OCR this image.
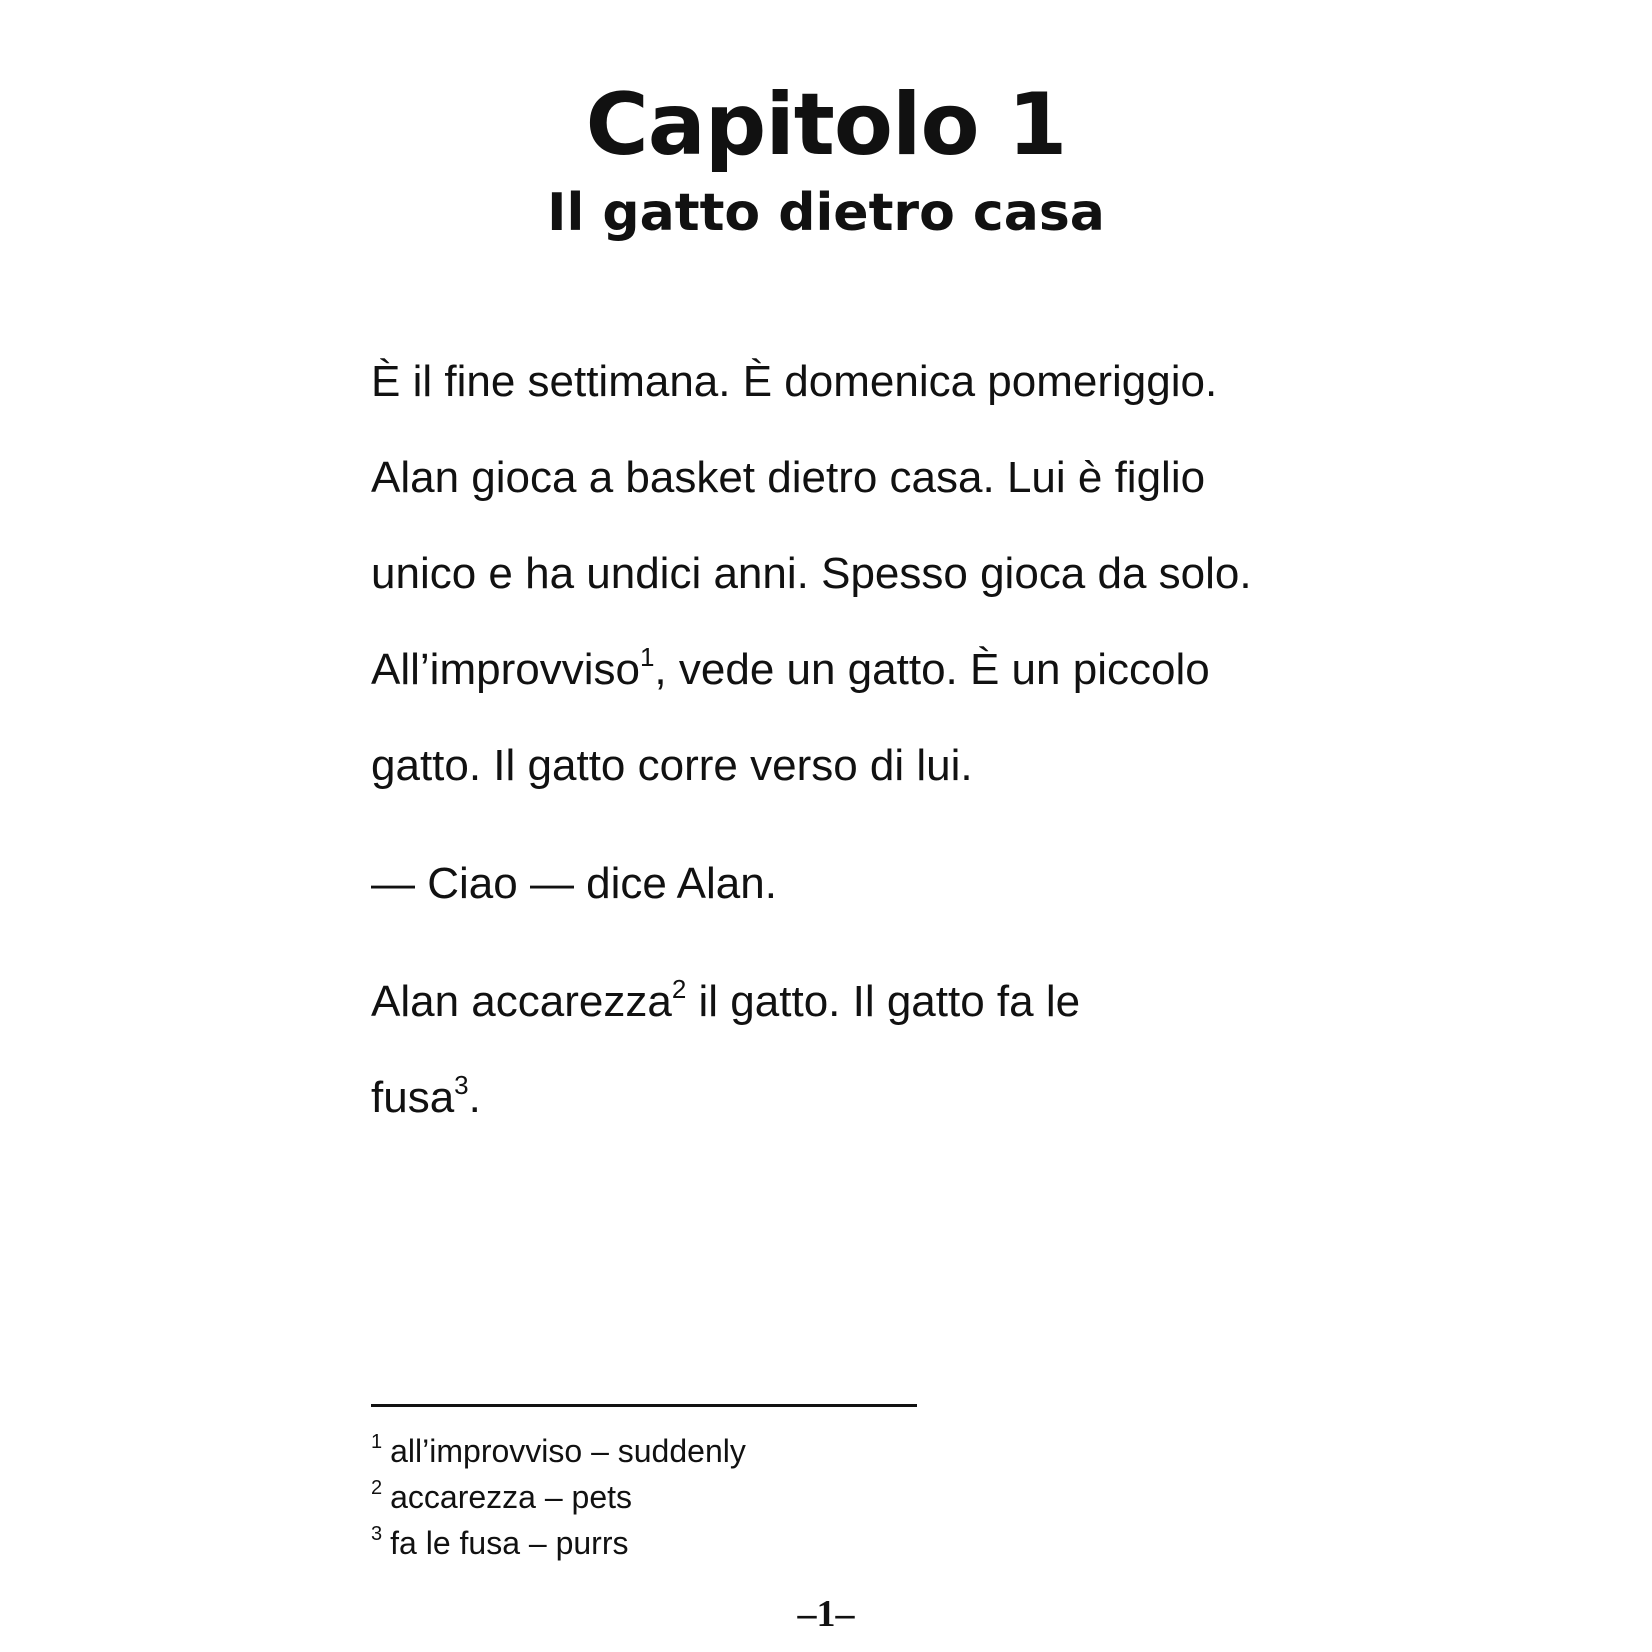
Capitolo 1
Il gatto dietro casa
È il fine settimana. È domenica pomeriggio.
Alan gioca a basket dietro casa. Lui è figlio
unico e ha undici anni. Spesso gioca da solo.
All’improvviso$^1$, vede un gatto. È un piccolo
gatto. Il gatto corre verso di lui.
— Ciao — dice Alan.
Alan accarezza$^2$ il gatto. Il gatto fa le
fusa$^3$.
$^1$ all’improvviso – suddenly
$^2$ accarezza – pets
$^3$ fa le fusa – purrs
–1–
